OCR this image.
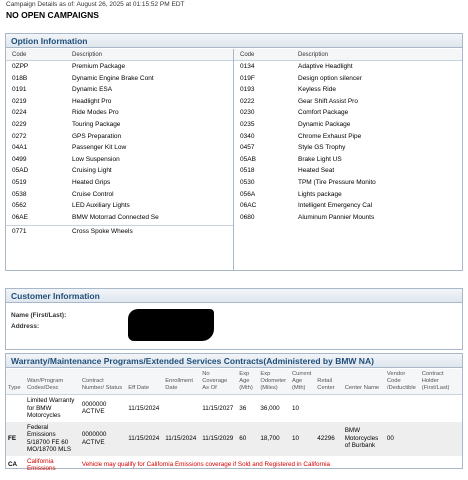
Campaign Details as of: August 26, 2025 at 01:15:52 PM EDT
NO OPEN CAMPAIGNS
Option Information
Code	Description
0ZPP	Premium Package
018B	Dynamic Engine Brake Cont
0191	Dynamic ESA
0219	Headlight Pro
0224	Ride Modes Pro
0229	Touring Package
0272	GPS Preparation
04A1	Passenger Kit Low
0499	Low Suspension
05AD	Cruising Light
0519	Heated Grips
0538	Cruise Control
0562	LED Auxiliary Lights
06AE	BMW Motorrad Connected Se
0771	Cross Spoke Wheels
Code	Description
0134	Adaptive Headlight
019F	Design option silencer
0193	Keyless Ride
0222	Gear Shift Assist Pro
0230	Comfort Package
0235	Dynamic Package
0340	Chrome Exhaust Pipe
0457	Style GS Trophy
05AB	Brake Light US
0518	Heated Seat
0530	TPM (Tire Pressure Monito
056A	Lights package
06AC	Intelligent Emergency Cal
0680	Aluminum Pannier Mounts
Customer Information
Name (First/Last):
Address:
Warranty/Maintenance Programs/Extended Services Contracts(Administered by BMW NA)
Type	Warr/Program Codes/Desc	Contract Number/ Status	Eff Date	Enrollment Date	No Coverage As Of	Exp Age (Mth)	Exp Odometer (Miles)	Current Age (Mth)	Retail Center	Center Name	Vendor Code /Deductible	Contract Holder (First/Last)
	Limited Warranty for BMW Motorcycles	0000000 ACTIVE	11/15/2024		11/15/2027	36	36,000	10				
FE	Federal Emissions 5/18700 FE 60 MO/18700 MLS	0000000 ACTIVE	11/15/2024	11/15/2024	11/15/2029	60	18,700	10	42296	BMW Motorcycles of Burbank	00	
CA	California Emissions	Vehicle may qualify for California Emissions coverage if Sold and Registered in California										
